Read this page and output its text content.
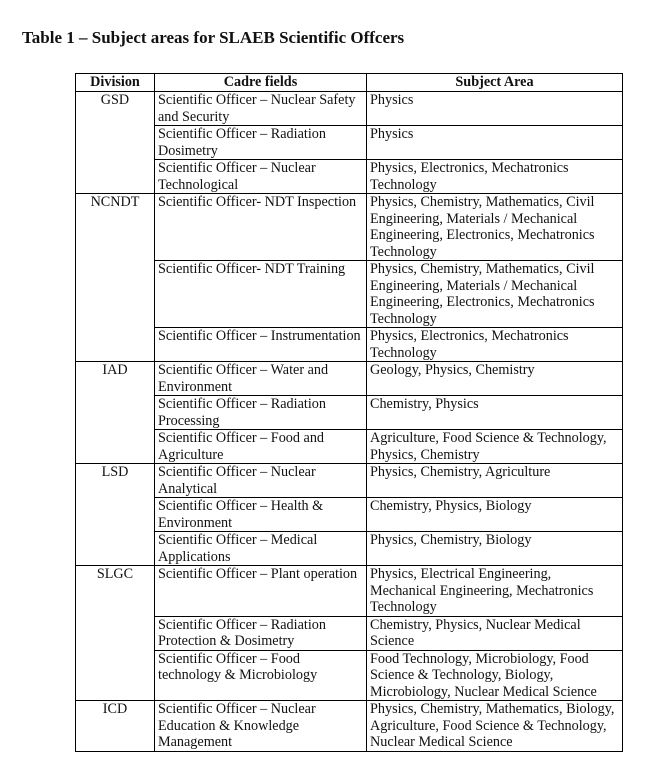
Table 1 – Subject areas for SLAEB Scientific Offcers
Division	Cadre fields	Subject Area
GSD	Scientific Officer – Nuclear Safety and Security	Physics
	Scientific Officer – Radiation Dosimetry	Physics
	Scientific Officer – Nuclear Technological	Physics, Electronics, Mechatronics Technology
NCNDT	Scientific Officer- NDT Inspection	Physics, Chemistry, Mathematics, Civil Engineering, Materials / Mechanical Engineering, Electronics, Mechatronics Technology
	Scientific Officer- NDT Training	Physics, Chemistry, Mathematics, Civil Engineering, Materials / Mechanical Engineering, Electronics, Mechatronics Technology
	Scientific Officer – Instrumentation	Physics, Electronics, Mechatronics Technology
IAD	Scientific Officer – Water and Environment	Geology, Physics, Chemistry
	Scientific Officer – Radiation Processing	Chemistry, Physics
	Scientific Officer – Food and Agriculture	Agriculture, Food Science & Technology, Physics, Chemistry
LSD	Scientific Officer – Nuclear Analytical	Physics, Chemistry, Agriculture
	Scientific Officer – Health & Environment	Chemistry, Physics, Biology
	Scientific Officer – Medical Applications	Physics, Chemistry, Biology
SLGC	Scientific Officer – Plant operation	Physics, Electrical Engineering, Mechanical Engineering, Mechatronics Technology
	Scientific Officer – Radiation Protection & Dosimetry	Chemistry, Physics, Nuclear Medical Science
	Scientific Officer – Food technology & Microbiology	Food Technology, Microbiology, Food Science & Technology, Biology, Microbiology, Nuclear Medical Science
ICD	Scientific Officer – Nuclear Education & Knowledge Management	Physics, Chemistry, Mathematics, Biology, Agriculture, Food Science & Technology, Nuclear Medical Science
